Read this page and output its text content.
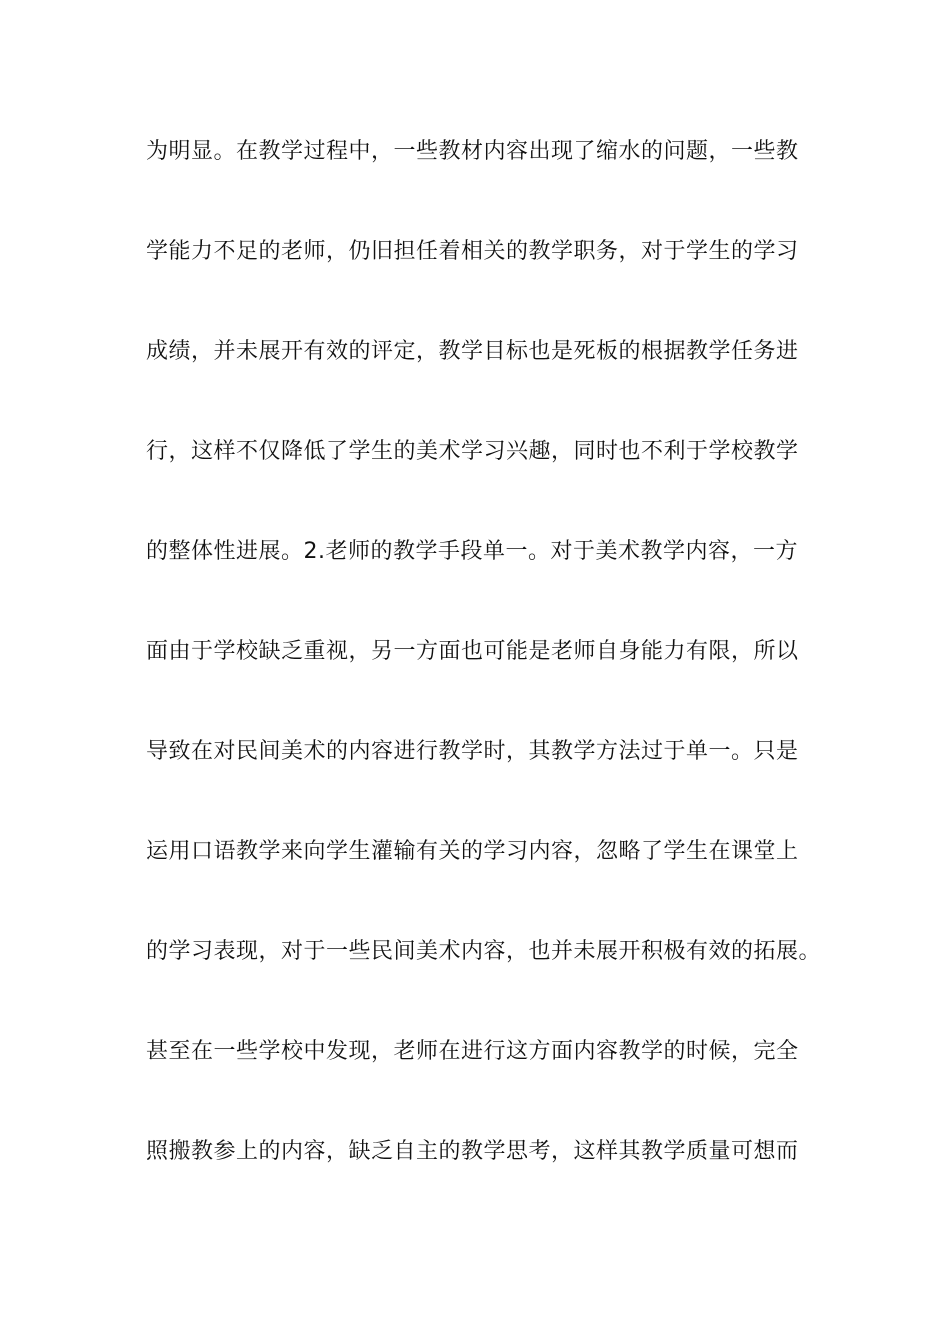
为明显。在教学过程中，一些教材内容出现了缩水的问题，一些教
学能力不足的老师，仍旧担任着相关的教学职务，对于学生的学习
成绩，并未展开有效的评定，教学目标也是死板的根据教学任务进
行，这样不仅降低了学生的美术学习兴趣，同时也不利于学校教学
的整体性进展。2.老师的教学手段单一。对于美术教学内容，一方
面由于学校缺乏重视，另一方面也可能是老师自身能力有限，所以
导致在对民间美术的内容进行教学时，其教学方法过于单一。只是
运用口语教学来向学生灌输有关的学习内容，忽略了学生在课堂上
的学习表现，对于一些民间美术内容，也并未展开积极有效的拓展。
甚至在一些学校中发现，老师在进行这方面内容教学的时候，完全
照搬教参上的内容，缺乏自主的教学思考，这样其教学质量可想而
